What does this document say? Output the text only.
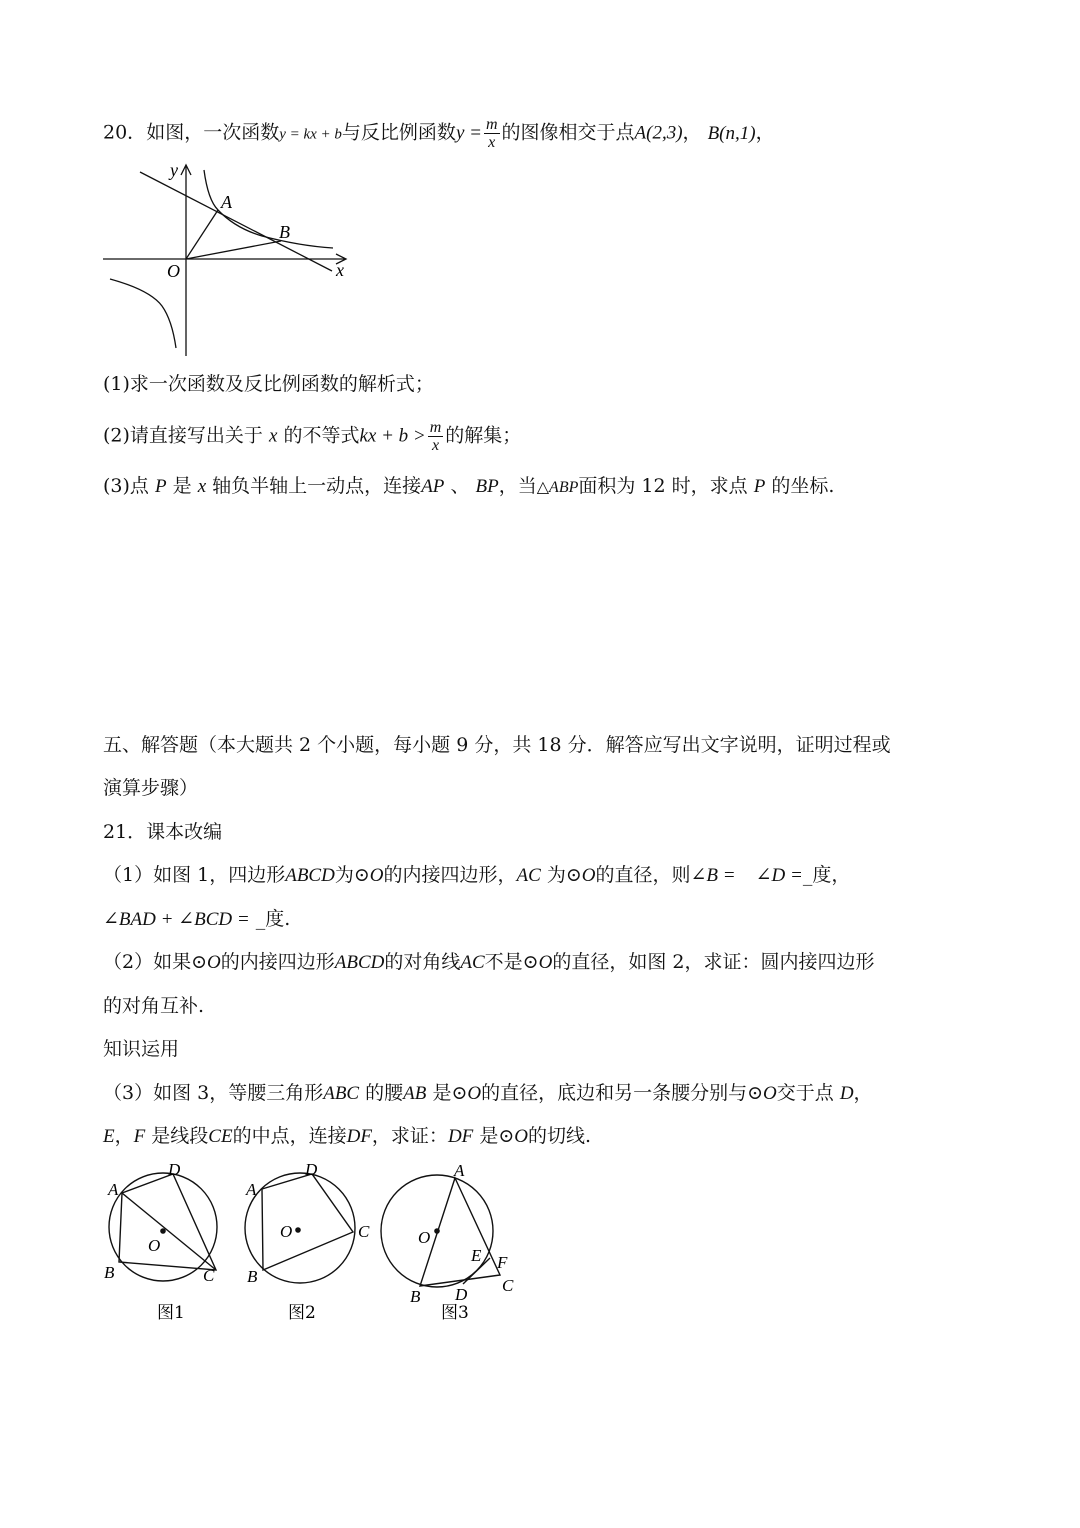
20．如图，一次函数y = kx + b与反比例函数$y = \frac{m}{x}$ 的图像相交于点A(2,3)， B(n,1)，
y
x
O
A
B
(1)求一次函数及反比例函数的解析式；
(2)请直接写出关于 x 的不等式kx + $b > \frac{m}{x}$ 的解集；
(3)点 P 是 x 轴负半轴上一动点，连接AP 、 BP，当△ABP面积为 12 时，求点 P 的坐标.
五、解答题（本大题共 2 个小题，每小题 9 分，共 18 分．解答应写出文字说明，证明过程或
演算步骤）
21．课本改编
（1）如图 1，四边形ABCD为⊙O的内接四边形，AC 为⊙O的直径，则∠B = ∠D =_度，
∠BAD + ∠BCD = _度.
（2）如果⊙O的内接四边形ABCD的对角线AC不是⊙O的直径，如图 2，求证：圆内接四边形
的对角互补.
知识运用
（3）如图 3，等腰三角形ABC 的腰AB 是⊙O的直径，底边和另一条腰分别与⊙O交于点 D，
E，F 是线段CE的中点，连接DF，求证：DF 是⊙O的切线.
A
D
O
B	C
图1
A
D
O	C
B
图2
A
O
E F
C
D
B
图3
